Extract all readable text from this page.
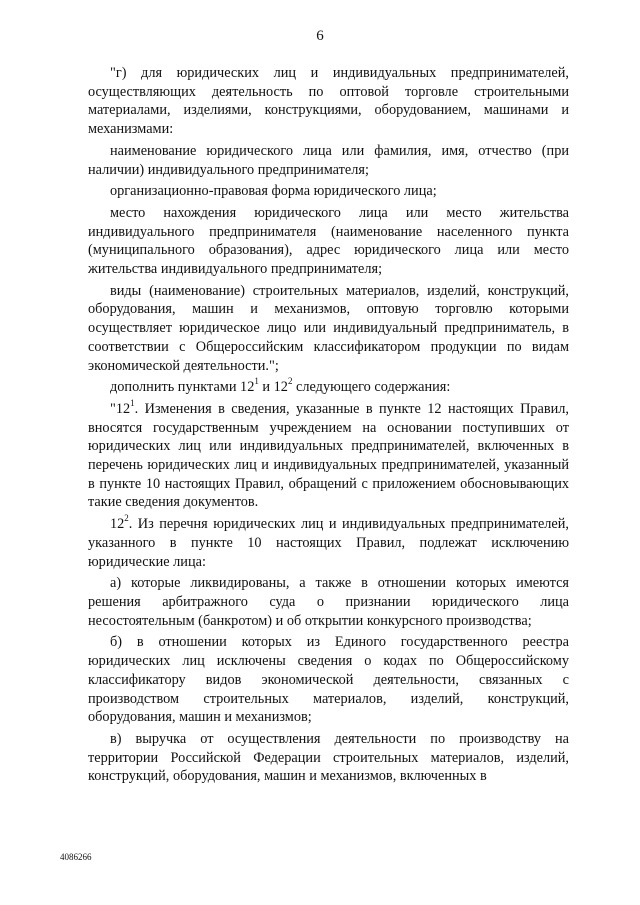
6

"г) для юридических лиц и индивидуальных предпринимателей, осуществляющих деятельность по оптовой торговле строительными материалами, изделиями, конструкциями, оборудованием, машинами и механизмами:

наименование юридического лица или фамилия, имя, отчество (при наличии) индивидуального предпринимателя;

организационно-правовая форма юридического лица;

место нахождения юридического лица или место жительства индивидуального предпринимателя (наименование населенного пункта (муниципального образования), адрес юридического лица или место жительства индивидуального предпринимателя;

виды (наименование) строительных материалов, изделий, конструкций, оборудования, машин и механизмов, оптовую торговлю которыми осуществляет юридическое лицо или индивидуальный предприниматель, в соответствии с Общероссийским классификатором продукции по видам экономической деятельности.";

дополнить пунктами $12^1$ и $12^2$ следующего содержания:

"$12^1$. Изменения в сведения, указанные в пункте 12 настоящих Правил, вносятся государственным учреждением на основании поступивших от юридических лиц или индивидуальных предпринимателей, включенных в перечень юридических лиц и индивидуальных предпринимателей, указанный в пункте 10 настоящих Правил, обращений с приложением обосновывающих такие сведения документов.

$12^2$. Из перечня юридических лиц и индивидуальных предпринимателей, указанного в пункте 10 настоящих Правил, подлежат исключению юридические лица:

а) которые ликвидированы, а также в отношении которых имеются решения арбитражного суда о признании юридического лица несостоятельным (банкротом) и об открытии конкурсного производства;

б) в отношении которых из Единого государственного реестра юридических лиц исключены сведения о кодах по Общероссийскому классификатору видов экономической деятельности, связанных с производством строительных материалов, изделий, конструкций, оборудования, машин и механизмов;

в) выручка от осуществления деятельности по производству на территории Российской Федерации строительных материалов, изделий, конструкций, оборудования, машин и механизмов, включенных в

4086266
